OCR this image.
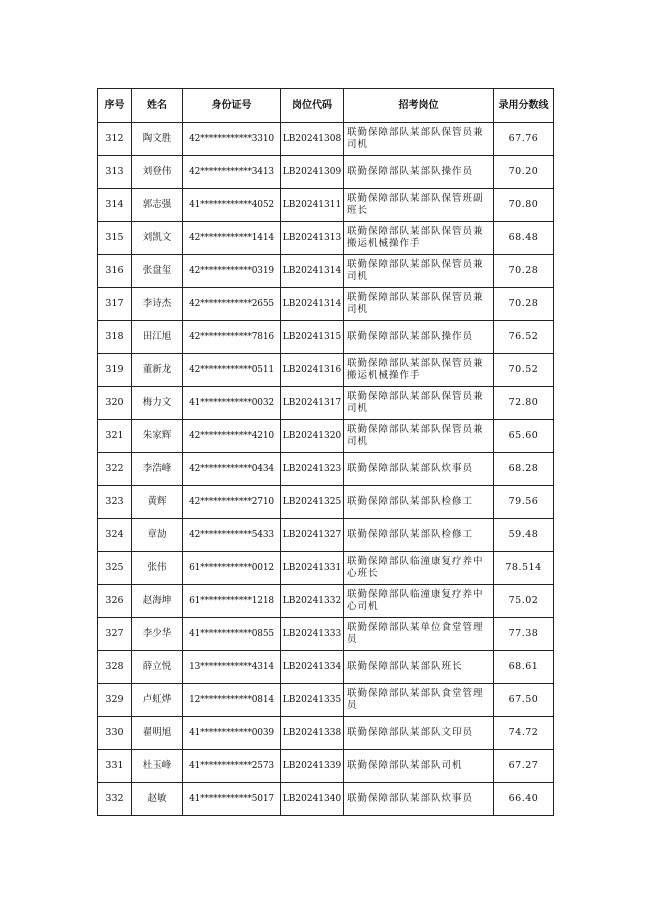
序号	姓名	身份证号	岗位代码	招考岗位	录用分数线
312	陶文胜	42************3310	LB20241308	联勤保障部队某部队保管员兼司机	67.76
313	刘登伟	42************3413	LB20241309	联勤保障部队某部队操作员	70.20
314	郭志强	41************4052	LB20241311	联勤保障部队某部队保管班副班长	70.80
315	刘凯文	42************1414	LB20241313	联勤保障部队某部队保管员兼搬运机械操作手	68.48
316	张盘玺	42************0319	LB20241314	联勤保障部队某部队保管员兼司机	70.28
317	李诗杰	42************2655	LB20241314	联勤保障部队某部队保管员兼司机	70.28
318	田江旭	42************7816	LB20241315	联勤保障部队某部队操作员	76.52
319	董新龙	42************0511	LB20241316	联勤保障部队某部队保管员兼搬运机械操作手	70.52
320	梅力文	41************0032	LB20241317	联勤保障部队某部队保管员兼司机	72.80
321	朱家辉	42************4210	LB20241320	联勤保障部队某部队保管员兼司机	65.60
322	李浩峰	42************0434	LB20241323	联勤保障部队某部队炊事员	68.28
323	黄辉	42************2710	LB20241325	联勤保障部队某部队检修工	79.56
324	章劼	42************5433	LB20241327	联勤保障部队某部队检修工	59.48
325	张伟	61************0012	LB20241331	联勤保障部队临潼康复疗养中心班长	78.514
326	赵海坤	61************1218	LB20241332	联勤保障部队临潼康复疗养中心司机	75.02
327	李少华	41************0855	LB20241333	联勤保障部队某单位食堂管理员	77.38
328	薛立悦	13************4314	LB20241334	联勤保障部队某部队班长	68.61
329	卢虹烨	12************0814	LB20241335	联勤保障部队某部队食堂管理员	67.50
330	翟明旭	41************0039	LB20241338	联勤保障部队某部队文印员	74.72
331	杜玉峰	41************2573	LB20241339	联勤保障部队某部队司机	67.27
332	赵敏	41************5017	LB20241340	联勤保障部队某部队炊事员	66.40
